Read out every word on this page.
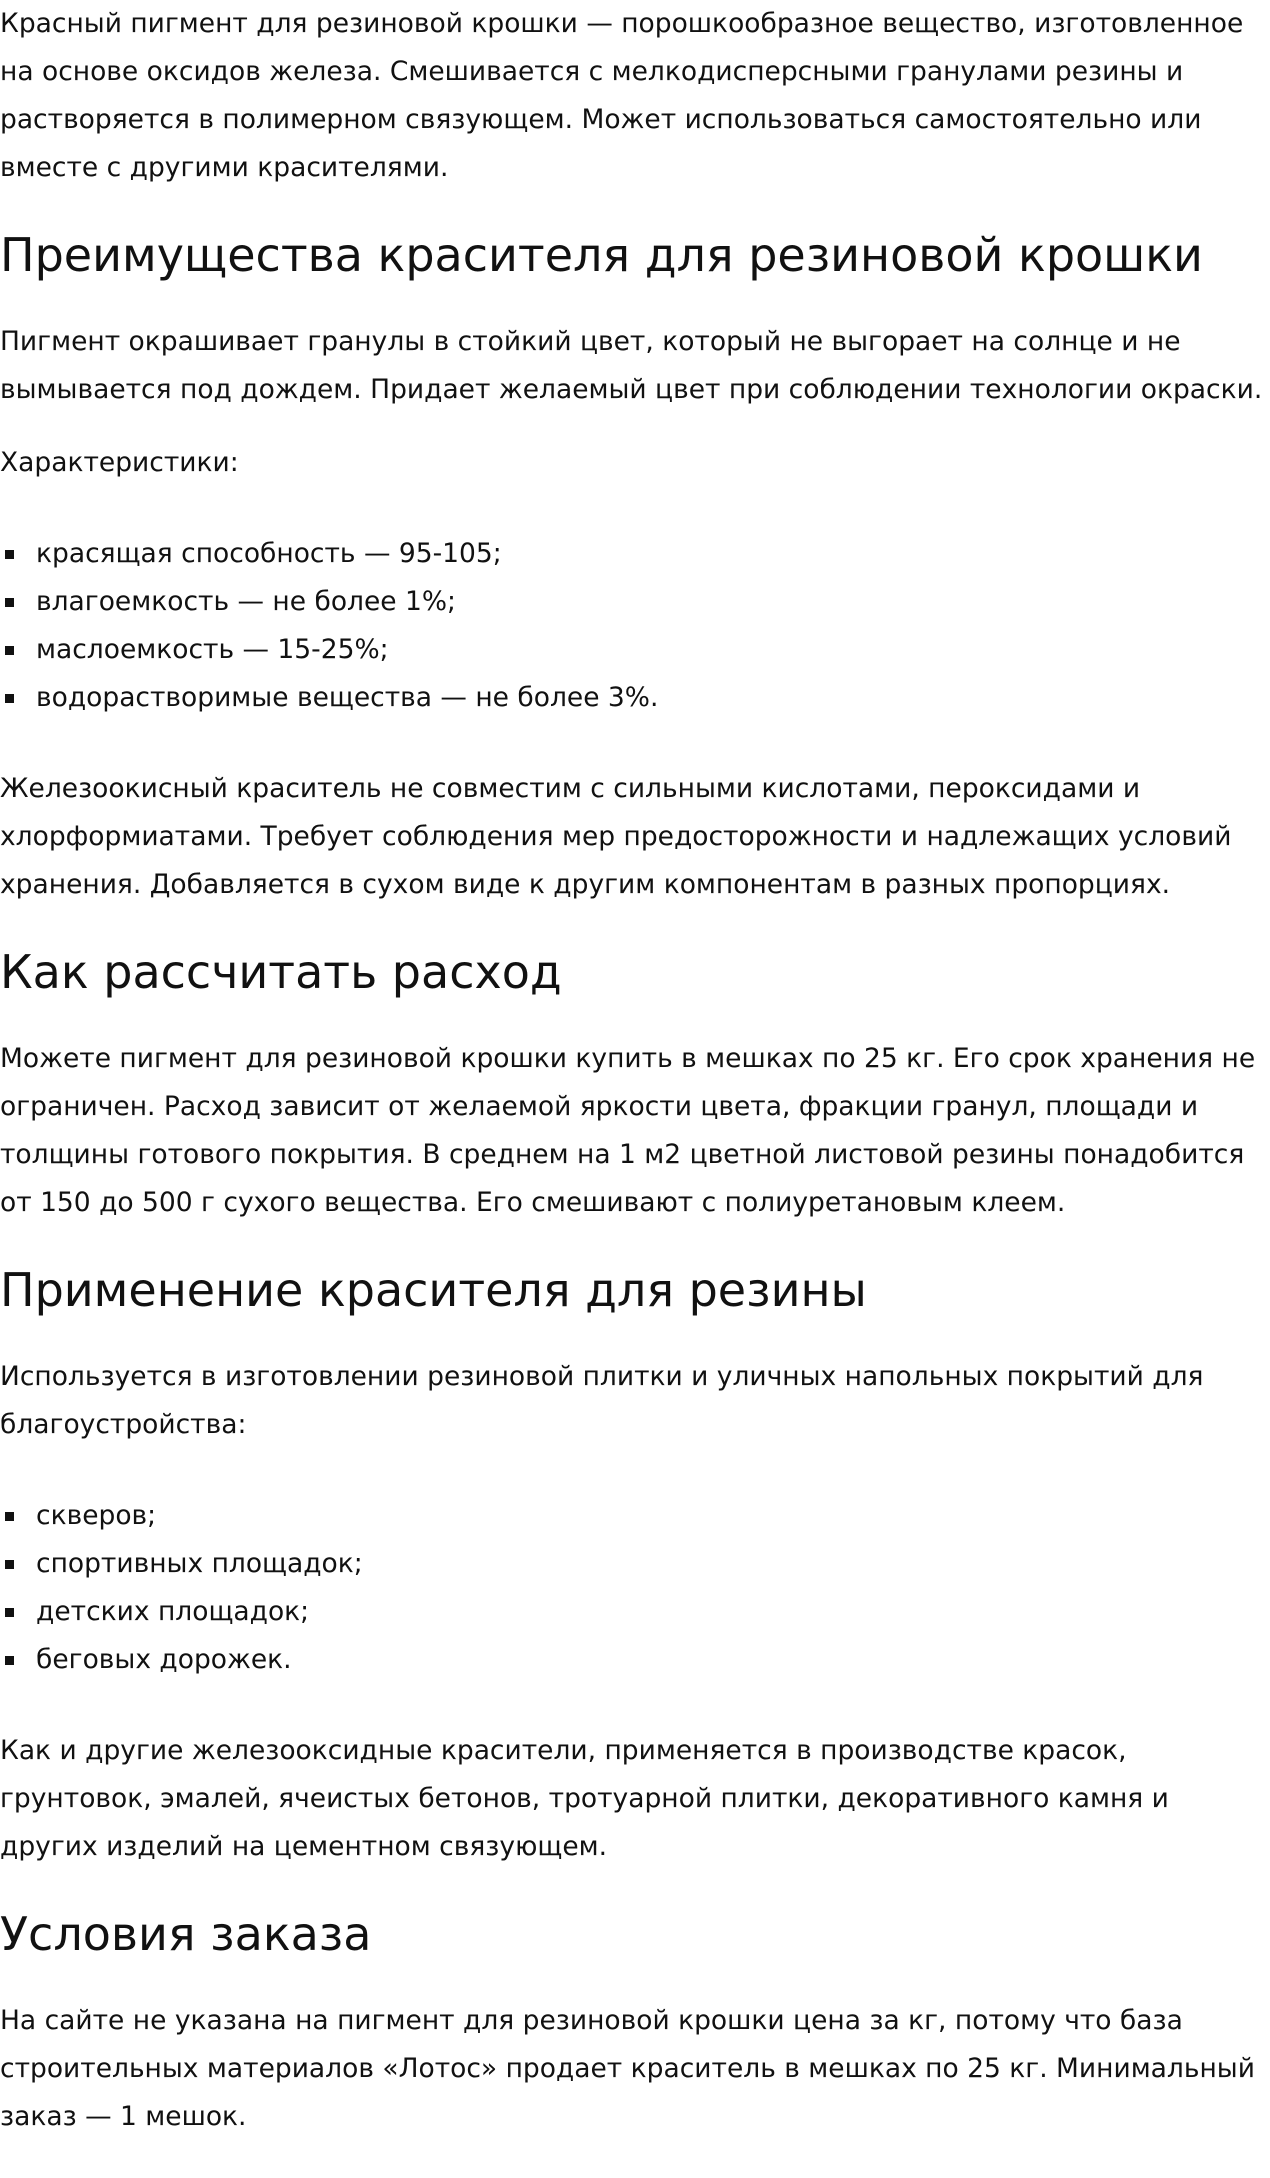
Красный пигмент для резиновой крошки — порошкообразное вещество, изготовленное на основе оксидов железа. Смешивается с мелкодисперсными гранулами резины и растворяется в полимерном связующем. Может использоваться самостоятельно или вместе с другими красителями.

Преимущества красителя для резиновой крошки

Пигмент окрашивает гранулы в стойкий цвет, который не выгорает на солнце и не вымывается под дождем. Придает желаемый цвет при соблюдении технологии окраски.

Характеристики:

красящая способность — 95-105;
влагоемкость — не более 1%;
маслоемкость — 15-25%;
водорастворимые вещества — не более 3%.

Железоокисный краситель не совместим с сильными кислотами, пероксидами и хлорформиатами. Требует соблюдения мер предосторожности и надлежащих условий хранения. Добавляется в сухом виде к другим компонентам в разных пропорциях.

Как рассчитать расход

Можете пигмент для резиновой крошки купить в мешках по 25 кг. Его срок хранения не ограничен. Расход зависит от желаемой яркости цвета, фракции гранул, площади и толщины готового покрытия. В среднем на 1 м2 цветной листовой резины понадобится от 150 до 500 г сухого вещества. Его смешивают с полиуретановым клеем.

Применение красителя для резины

Используется в изготовлении резиновой плитки и уличных напольных покрытий для благоустройства:

скверов;
спортивных площадок;
детских площадок;
беговых дорожек.

Как и другие железооксидные красители, применяется в производстве красок, грунтовок, эмалей, ячеистых бетонов, тротуарной плитки, декоративного камня и других изделий на цементном связующем.

Условия заказа

На сайте не указана на пигмент для резиновой крошки цена за кг, потому что база строительных материалов «Лотос» продает краситель в мешках по 25 кг. Минимальный заказ — 1 мешок.
